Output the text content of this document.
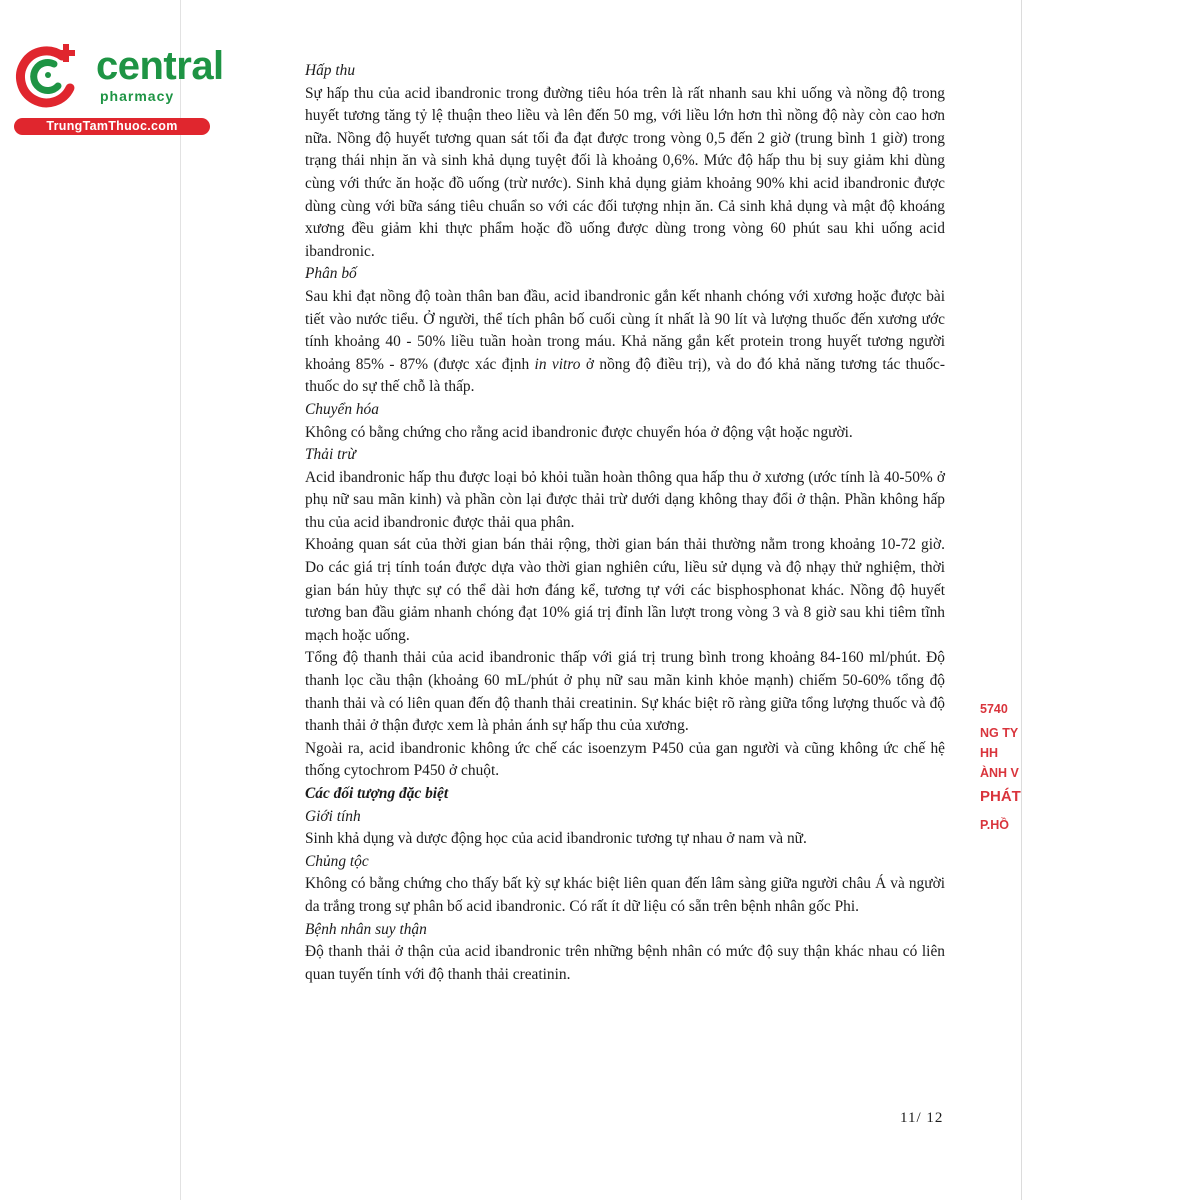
central
pharmacy
TrungTamThuoc.com

Hấp thu

Sự hấp thu của acid ibandronic trong đường tiêu hóa trên là rất nhanh sau khi uống và nồng độ trong huyết tương tăng tỷ lệ thuận theo liều và lên đến 50 mg, với liều lớn hơn thì nồng độ này còn cao hơn nữa. Nồng độ huyết tương quan sát tối đa đạt được trong vòng 0,5 đến 2 giờ (trung bình 1 giờ) trong trạng thái nhịn ăn và sinh khả dụng tuyệt đối là khoảng 0,6%. Mức độ hấp thu bị suy giảm khi dùng cùng với thức ăn hoặc đồ uống (trừ nước). Sinh khả dụng giảm khoảng 90% khi acid ibandronic được dùng cùng với bữa sáng tiêu chuẩn so với các đối tượng nhịn ăn. Cả sinh khả dụng và mật độ khoáng xương đều giảm khi thực phẩm hoặc đồ uống được dùng trong vòng 60 phút sau khi uống acid ibandronic.

Phân bố

Sau khi đạt nồng độ toàn thân ban đầu, acid ibandronic gắn kết nhanh chóng với xương hoặc được bài tiết vào nước tiểu. Ở người, thể tích phân bố cuối cùng ít nhất là 90 lít và lượng thuốc đến xương ước tính khoảng 40 - 50% liều tuần hoàn trong máu. Khả năng gắn kết protein trong huyết tương người khoảng 85% - 87% (được xác định in vitro ở nồng độ điều trị), và do đó khả năng tương tác thuốc-thuốc do sự thế chỗ là thấp.

Chuyển hóa

Không có bằng chứng cho rằng acid ibandronic được chuyển hóa ở động vật hoặc người.

Thải trừ

Acid ibandronic hấp thu được loại bỏ khỏi tuần hoàn thông qua hấp thu ở xương (ước tính là 40-50% ở phụ nữ sau mãn kinh) và phần còn lại được thải trừ dưới dạng không thay đổi ở thận. Phần không hấp thu của acid ibandronic được thải qua phân.

Khoảng quan sát của thời gian bán thải rộng, thời gian bán thải thường nằm trong khoảng 10-72 giờ. Do các giá trị tính toán được dựa vào thời gian nghiên cứu, liều sử dụng và độ nhạy thử nghiệm, thời gian bán hủy thực sự có thể dài hơn đáng kể, tương tự với các bisphosphonat khác. Nồng độ huyết tương ban đầu giảm nhanh chóng đạt 10% giá trị đỉnh lần lượt trong vòng 3 và 8 giờ sau khi tiêm tĩnh mạch hoặc uống.

Tổng độ thanh thải của acid ibandronic thấp với giá trị trung bình trong khoảng 84-160 ml/phút. Độ thanh lọc cầu thận (khoảng 60 mL/phút ở phụ nữ sau mãn kinh khỏe mạnh) chiếm 50-60% tổng độ thanh thải và có liên quan đến độ thanh thải creatinin. Sự khác biệt rõ ràng giữa tổng lượng thuốc và độ thanh thải ở thận được xem là phản ánh sự hấp thu của xương.

Ngoài ra, acid ibandronic không ức chế các isoenzym P450 của gan người và cũng không ức chế hệ thống cytochrom P450 ở chuột.

Các đối tượng đặc biệt

Giới tính

Sinh khả dụng và dược động học của acid ibandronic tương tự nhau ở nam và nữ.

Chủng tộc

Không có bằng chứng cho thấy bất kỳ sự khác biệt liên quan đến lâm sàng giữa người châu Á và người da trắng trong sự phân bố acid ibandronic. Có rất ít dữ liệu có sẵn trên bệnh nhân gốc Phi.

Bệnh nhân suy thận

Độ thanh thải ở thận của acid ibandronic trên những bệnh nhân có mức độ suy thận khác nhau có liên quan tuyến tính với độ thanh thải creatinin.

11/ 12
5740
NG TY
HH
ÀNH V
PHÁT
P.HỒ
